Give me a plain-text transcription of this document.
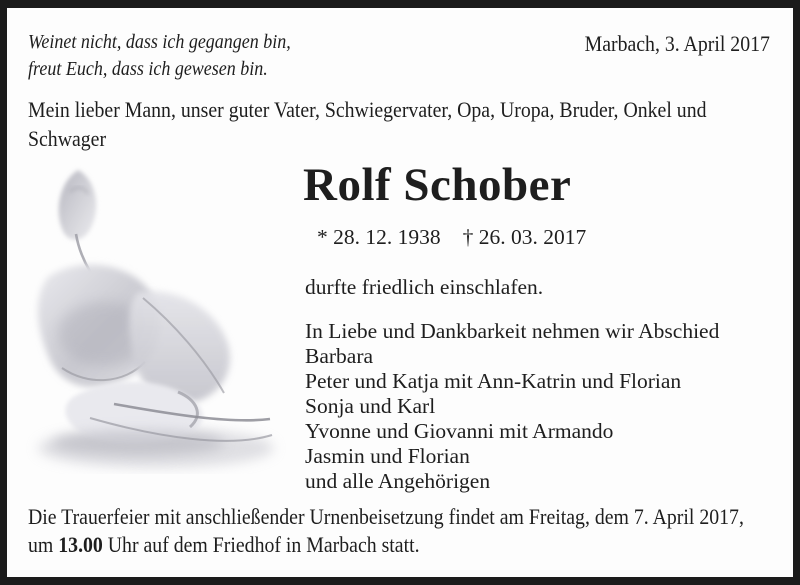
Weinet nicht, dass ich gegangen bin,
freut Euch, dass ich gewesen bin.
Marbach, 3. April 2017
Mein lieber Mann, unser guter Vater, Schwiegervater, Opa, Uropa, Bruder, Onkel und
Schwager
Rolf Schober
* 28. 12. 1938 † 26. 03. 2017
durfte friedlich einschlafen.
In Liebe und Dankbarkeit nehmen wir Abschied
Barbara
Peter und Katja mit Ann-Katrin und Florian
Sonja und Karl
Yvonne und Giovanni mit Armando
Jasmin und Florian
und alle Angehörigen
Die Trauerfeier mit anschließender Urnenbeisetzung findet am Freitag, dem 7. April 2017,
um 13.00 Uhr auf dem Friedhof in Marbach statt.
